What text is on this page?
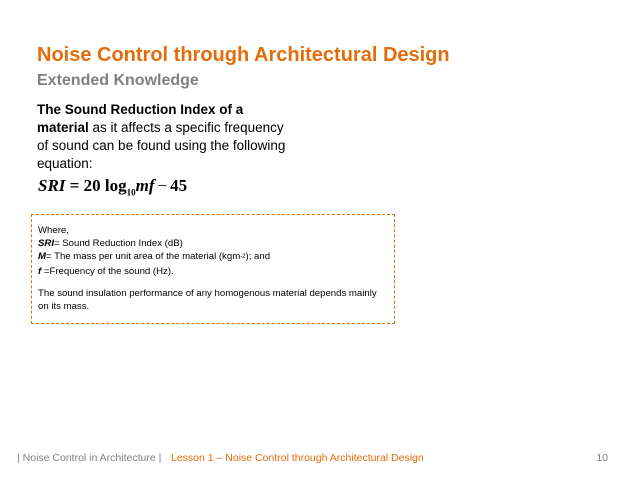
Noise Control through Architectural Design
Extended Knowledge
The Sound Reduction Index of a material as it affects a specific frequency of sound can be found using the following equation:
SRI = 20 $\log_{10}mf - 45$
Where,
SRI= Sound Reduction Index (dB)
M= The mass per unit area of the material (kgm$_{-2}$); and
f =Frequency of the sound (Hz).
The sound insulation performance of any homogenous material depends mainly on its mass.
| Noise Control in Architecture | Lesson 1 – Noise Control through Architectural Design	10
